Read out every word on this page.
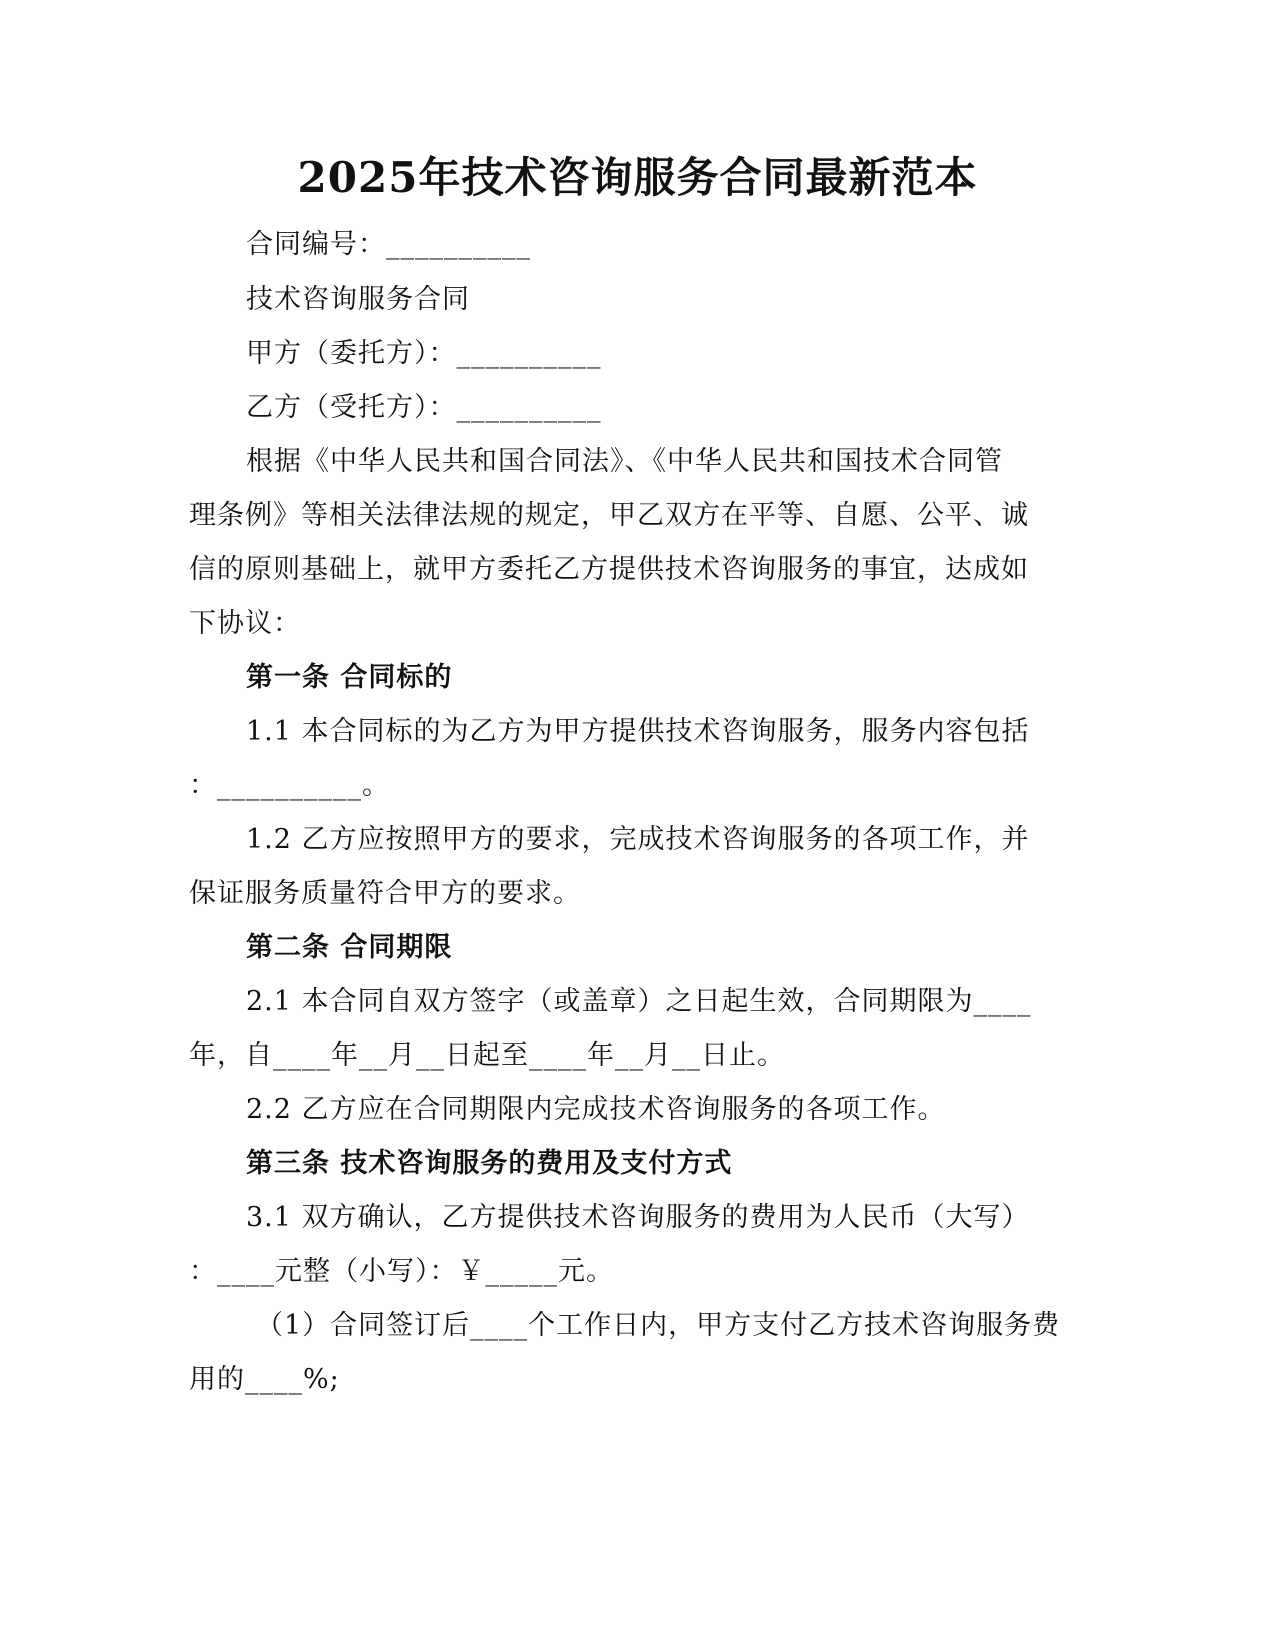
2025年技术咨询服务合同最新范本
合同编号：__________
技术咨询服务合同
甲方（委托方）：__________
乙方（受托方）：__________
根据《中华人民共和国合同法》、《中华人民共和国技术合同管
理条例》等相关法律法规的规定，甲乙双方在平等、自愿、公平、诚
信的原则基础上，就甲方委托乙方提供技术咨询服务的事宜，达成如
下协议：
第一条 合同标的
1.1 本合同标的为乙方为甲方提供技术咨询服务，服务内容包括
：__________。
1.2 乙方应按照甲方的要求，完成技术咨询服务的各项工作，并
保证服务质量符合甲方的要求。
第二条 合同期限
2.1 本合同自双方签字（或盖章）之日起生效，合同期限为____
年，自____年__月__日起至____年__月__日止。
2.2 乙方应在合同期限内完成技术咨询服务的各项工作。
第三条 技术咨询服务的费用及支付方式
3.1 双方确认，乙方提供技术咨询服务的费用为人民币（大写）
：____元整（小写）：￥_____元。
（1）合同签订后____个工作日内，甲方支付乙方技术咨询服务费
用的____%;
